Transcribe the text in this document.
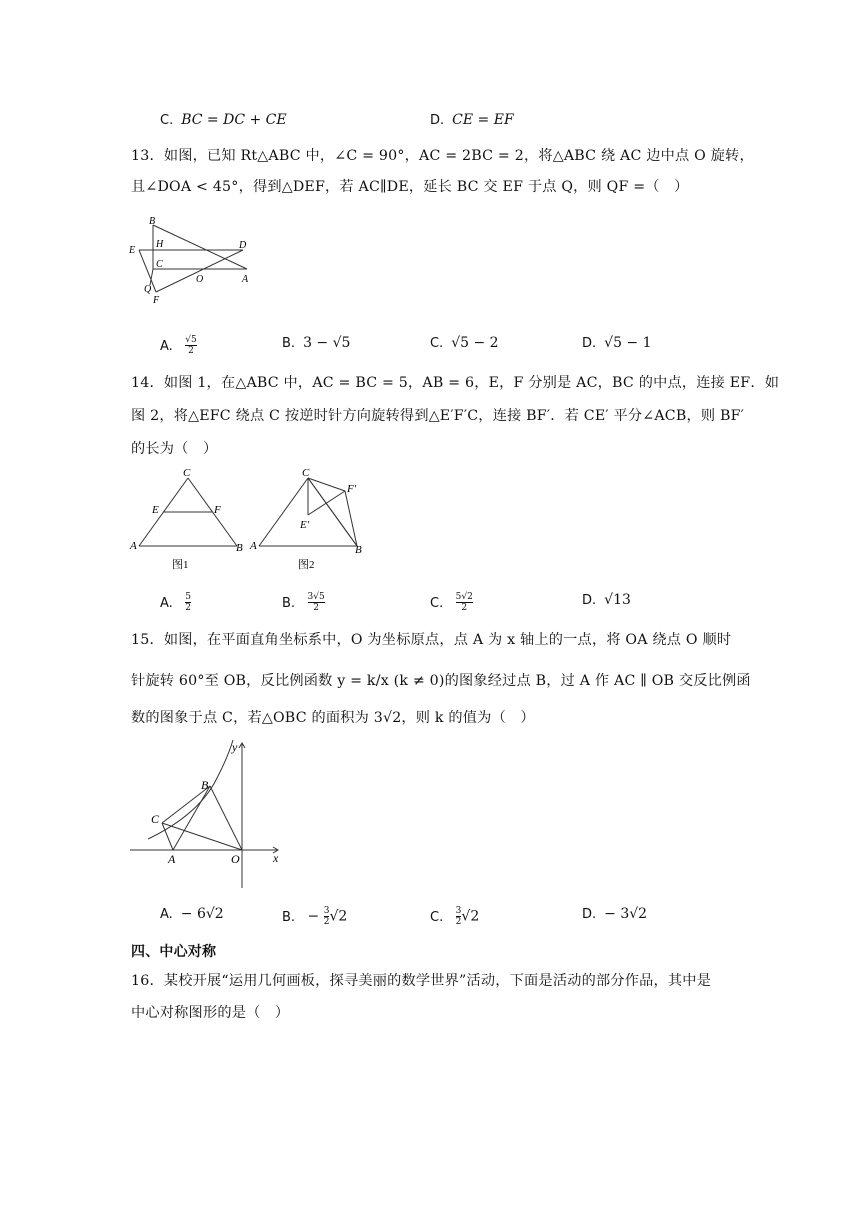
C. BC = DC + CE	D. CE = EF
13．如图，已知 Rt△ABC 中，∠C = 90°，AC = 2BC = 2，将△ABC 绕 AC 边中点 O 旋转，
且∠DOA < 45°，得到△DEF，若 AC∥DE，延长 BC 交 EF 于点 Q，则 QF =（　）
B
H	D
E
C
O	A
Q
F
A. $\frac{√5}{2}$	B. 3 − √5	C. √5 − 2	D. √5 − 1
14．如图 1，在△ABC 中，AC = BC = 5，AB = 6，E，F 分别是 AC，BC 的中点，连接 EF．如
图 2，将△EFC 绕点 C 按逆时针方向旋转得到△E′F′C，连接 BF′．若 CE′ 平分∠ACB，则 BF′
的长为（　）
C
E	F
A	B
图1
C
F′
E′
A	B
图2
A. $\frac{5}{2}$	B. $\frac{3√5}{2}$	C. $\frac{5√2}{2}$	D. √13
15．如图，在平面直角坐标系中，O 为坐标原点，点 A 为 x 轴上的一点，将 OA 绕点 O 顺时
针旋转 60°至 OB，反比例函数 y = k/x (k ≠ 0)的图象经过点 B，过 A 作 AC ∥ OB 交反比例函
数的图象于点 C，若△OBC 的面积为 3√2，则 k 的值为（　）
y
B
C
A	O	x
A. − 6√2	B. − $\frac{3}{2} √2$	C. $\frac{3}{2} √2$	D. − 3√2
四、中心对称
16．某校开展“运用几何画板，探寻美丽的数学世界”活动，下面是活动的部分作品，其中是
中心对称图形的是（　）
